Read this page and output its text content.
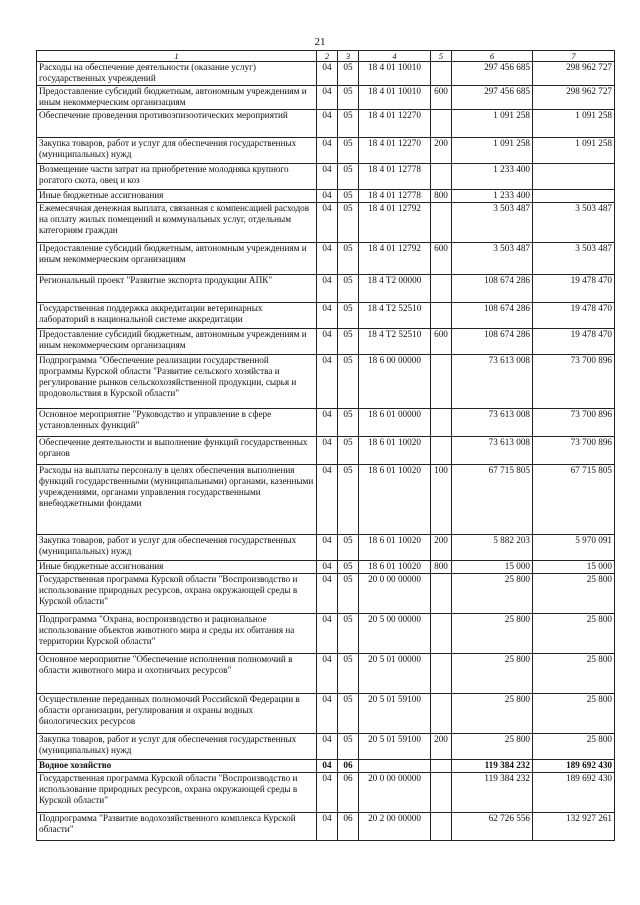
21
1	2	3	4	5	6	7
Расходы на обеспечение деятельности (оказание услуг) государственных учреждений	04	05	18 4 01 10010		297 456 685	298 962 727
Предоставление субсидий бюджетным, автономным учреждениям и иным некоммерческим организациям	04	05	18 4 01 10010	600	297 456 685	298 962 727
Обеспечение проведения противоэпизоотических мероприятий	04	05	18 4 01 12270		1 091 258	1 091 258
Закупка товаров, работ и услуг для обеспечения государственных (муниципальных) нужд	04	05	18 4 01 12270	200	1 091 258	1 091 258
Возмещение части затрат на приобретение молодняка крупного рогатого скота, овец и коз	04	05	18 4 01 12778		1 233 400	
Иные бюджетные ассигнования	04	05	18 4 01 12778	800	1 233 400	
Ежемесячная денежная выплата, связанная с компенсацией расходов на оплату жилых помещений и коммунальных услуг, отдельным категориям граждан	04	05	18 4 01 12792		3 503 487	3 503 487
Предоставление субсидий бюджетным, автономным учреждениям и иным некоммерческим организациям	04	05	18 4 01 12792	600	3 503 487	3 503 487
Региональный проект "Развитие экспорта продукции АПК"	04	05	18 4 T2 00000		108 674 286	19 478 470
Государственная поддержка аккредитации ветеринарных лабораторий в национальной системе аккредитации	04	05	18 4 T2 52510		108 674 286	19 478 470
Предоставление субсидий бюджетным, автономным учреждениям и иным некоммерческим организациям	04	05	18 4 T2 52510	600	108 674 286	19 478 470
Подпрограмма "Обеспечение реализации государственной программы Курской области "Развитие сельского хозяйства и регулирование рынков сельскохозяйственной продукции, сырья и продовольствия в Курской области"	04	05	18 6 00 00000		73 613 008	73 700 896
Основное мероприятие "Руководство и управление в сфере установленных функций"	04	05	18 6 01 00000		73 613 008	73 700 896
Обеспечение деятельности и выполнение функций государственных органов	04	05	18 6 01 10020		73 613 008	73 700 896
Расходы на выплаты персоналу в целях обеспечения выполнения функций государственными (муниципальными) органами, казенными учреждениями, органами управления государственными внебюджетными фондами	04	05	18 6 01 10020	100	67 715 805	67 715 805
Закупка товаров, работ и услуг для обеспечения государственных (муниципальных) нужд	04	05	18 6 01 10020	200	5 882 203	5 970 091
Иные бюджетные ассигнования	04	05	18 6 01 10020	800	15 000	15 000
Государственная программа Курской области "Воспроизводство и использование природных ресурсов, охрана окружающей среды в Курской области"	04	05	20 0 00 00000		25 800	25 800
Подпрограмма "Охрана, воспроизводство и рациональное использование объектов животного мира и среды их обитания на территории Курской области"	04	05	20 5 00 00000		25 800	25 800
Основное мероприятие "Обеспечение исполнения полномочий в области животного мира и охотничьих ресурсов"	04	05	20 5 01 00000		25 800	25 800
Осуществление переданных полномочий Российской Федерации в области организации, регулирования и охраны водных биологических ресурсов	04	05	20 5 01 59100		25 800	25 800
Закупка товаров, работ и услуг для обеспечения государственных (муниципальных) нужд	04	05	20 5 01 59100	200	25 800	25 800
Водное хозяйство	04	06			119 384 232	189 692 430
Государственная программа Курской области "Воспроизводство и использование природных ресурсов, охрана окружающей среды в Курской области"	04	06	20 0 00 00000		119 384 232	189 692 430
Подпрограмма "Развитие водохозяйственного комплекса Курской области"	04	06	20 2 00 00000		62 726 556	132 927 261
